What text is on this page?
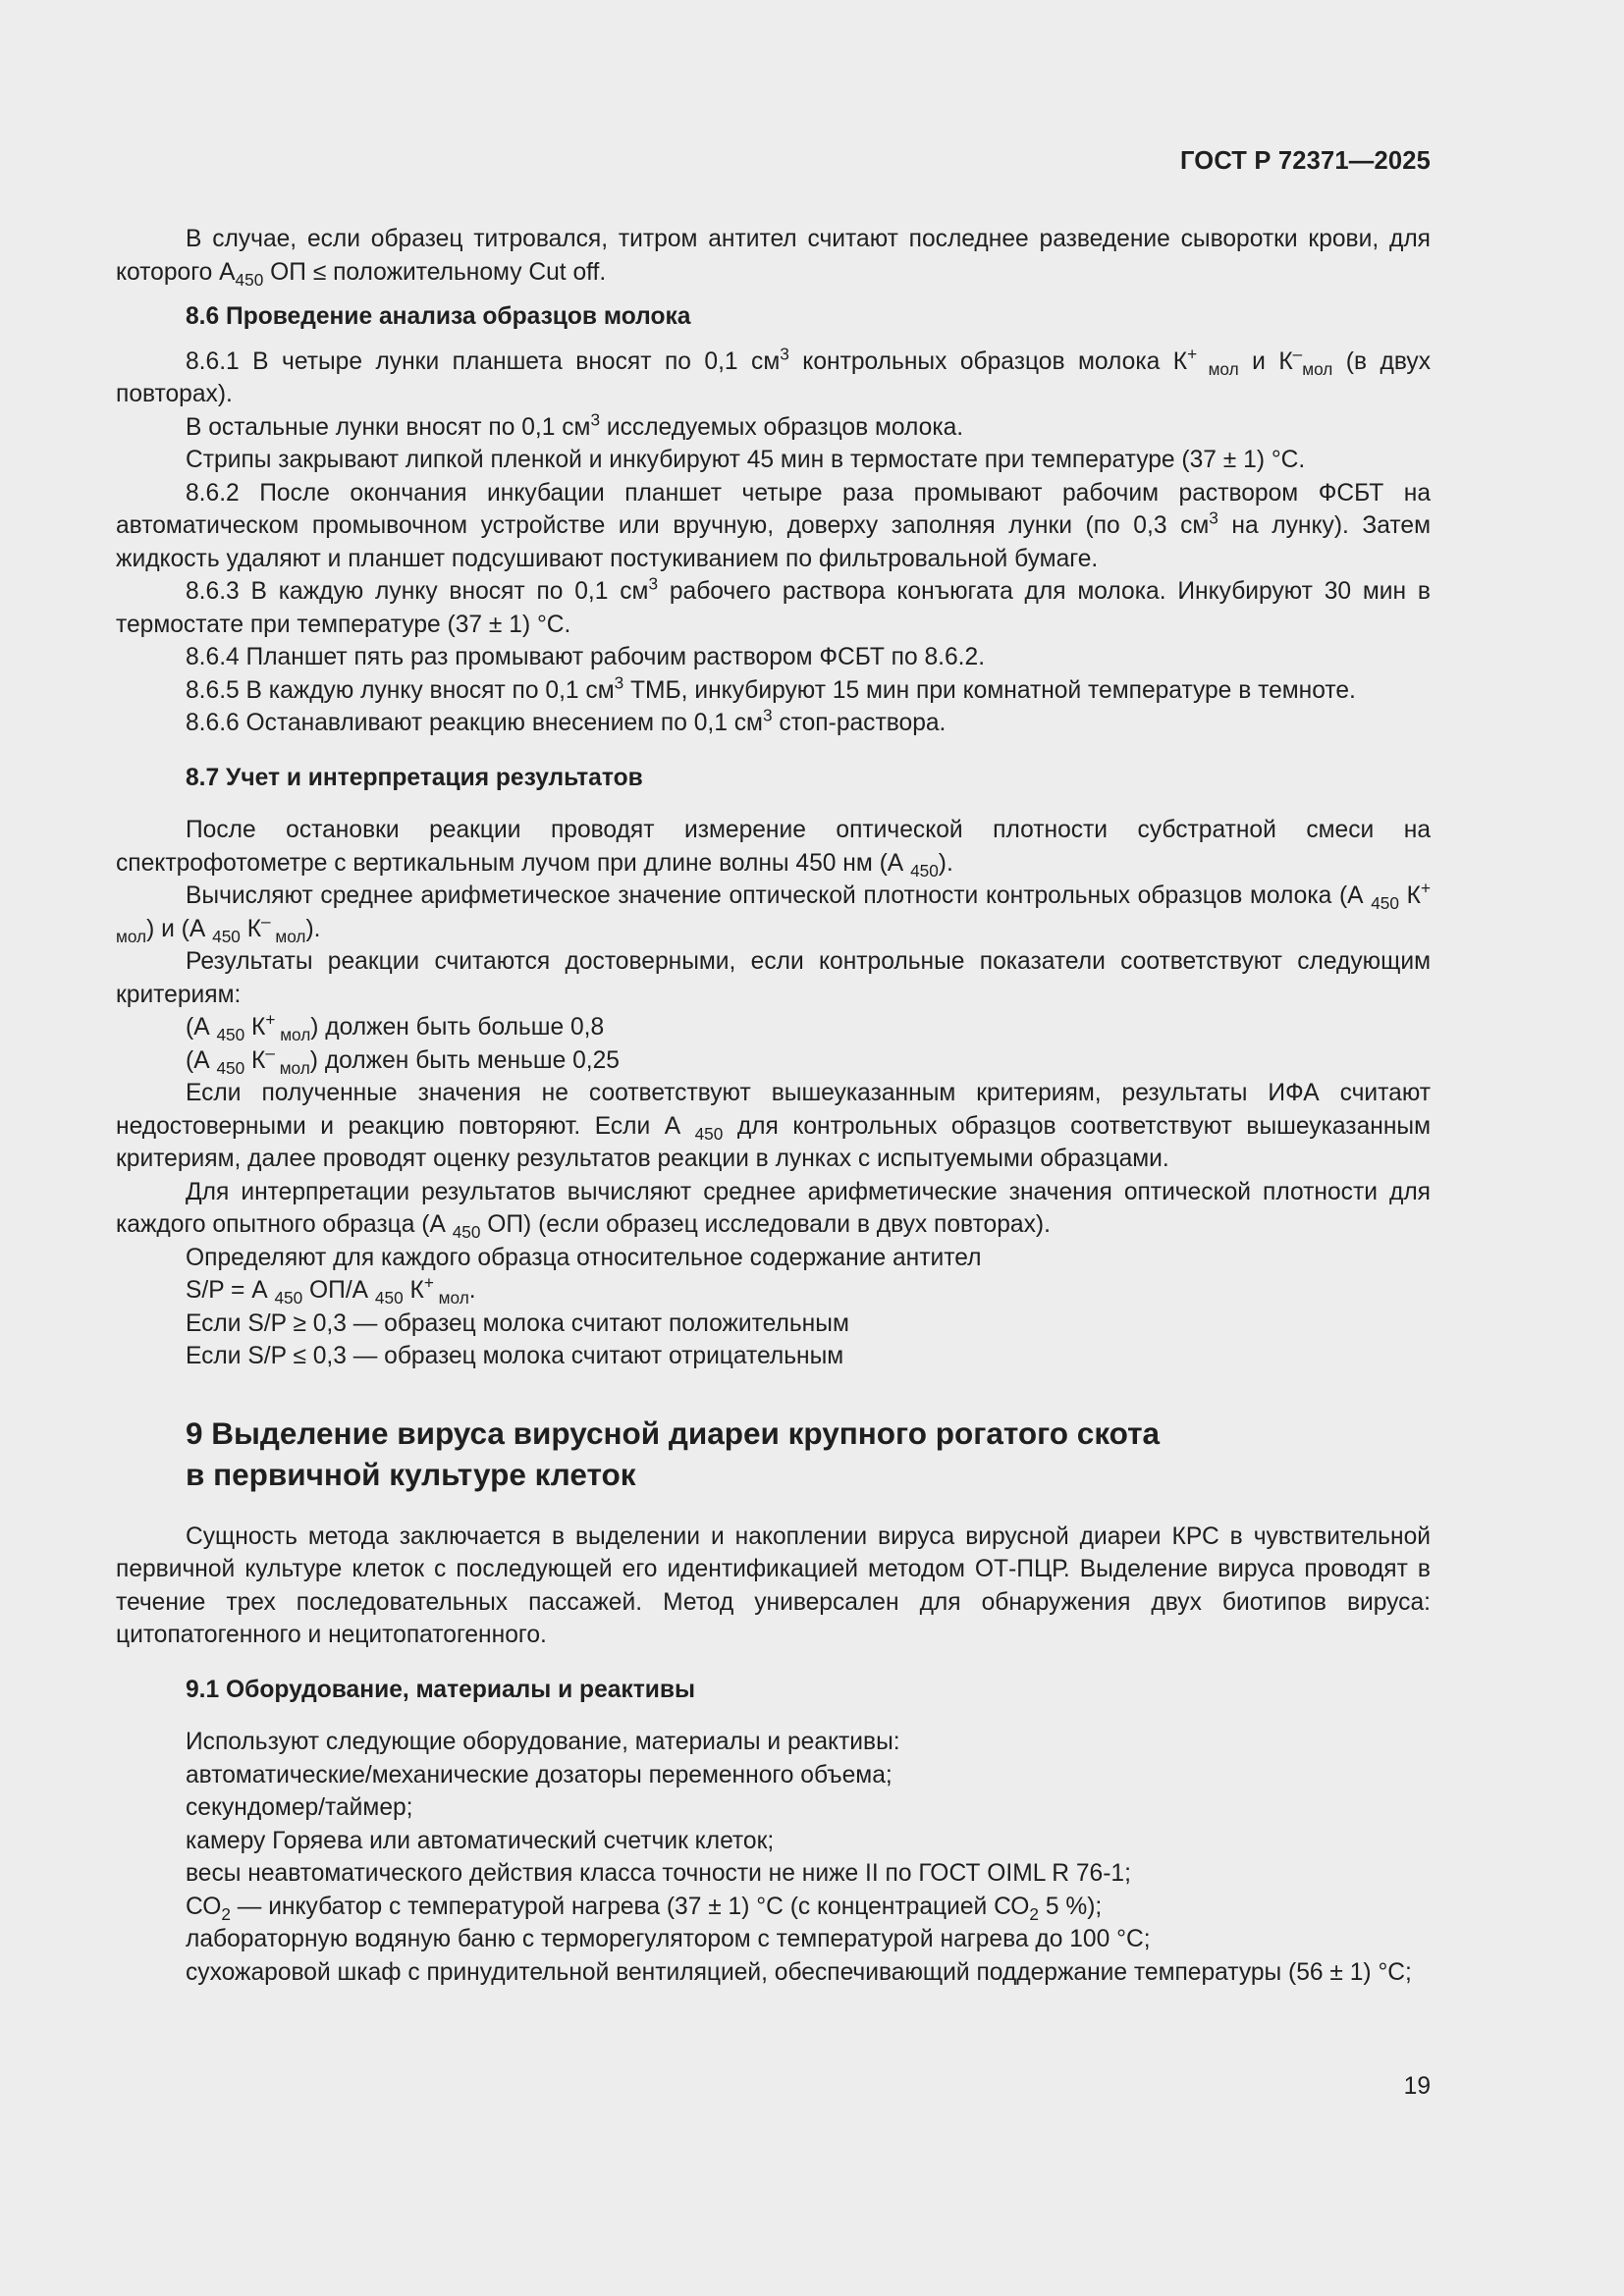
ГОСТ Р 72371—2025

В случае, если образец титровался, титром антител считают последнее разведение сыворотки крови, для которого $А_{450}$ ОП ≤ положительному Cut off.

8.6 Проведение анализа образцов молока

8.6.1 В четыре лунки планшета вносят по 0,1 $см^3$ контрольных образцов молока К+ $_{мол}$ и $К^-_{мол}$ (в двух повторах).

В остальные лунки вносят по 0,1 $см^3$ исследуемых образцов молока.

Стрипы закрывают липкой пленкой и инкубируют 45 мин в термостате при температуре (37 ± 1) °С.

8.6.2 После окончания инкубации планшет четыре раза промывают рабочим раствором ФСБТ на автоматическом промывочном устройстве или вручную, доверху заполняя лунки (по 0,3 $см^3$ на лунку). Затем жидкость удаляют и планшет подсушивают постукиванием по фильтровальной бумаге.

8.6.3 В каждую лунку вносят по 0,1 $см^3$ рабочего раствора конъюгата для молока. Инкубируют 30 мин в термостате при температуре (37 ± 1) °С.

8.6.4 Планшет пять раз промывают рабочим раствором ФСБТ по 8.6.2.

8.6.5 В каждую лунку вносят по 0,1 $см^3$ ТМБ, инкубируют 15 мин при комнатной температуре в темноте.

8.6.6 Останавливают реакцию внесением по 0,1 $см^3$ стоп-раствора.

8.7 Учет и интерпретация результатов

После остановки реакции проводят измерение оптической плотности субстратной смеси на спектрофотометре с вертикальным лучом при длине волны 450 нм (А $_{450}$).

Вычисляют среднее арифметическое значение оптической плотности контрольных образцов молока (А $_{450}$ К+ $_{мол}$) и (А $_{450}$ К– $_{мол}$).

Результаты реакции считаются достоверными, если контрольные показатели соответствуют следующим критериям:

(А $_{450}$ К+ $_{мол}$) должен быть больше 0,8

(А $_{450}$ К– $_{мол}$) должен быть меньше 0,25

Если полученные значения не соответствуют вышеуказанным критериям, результаты ИФА считают недостоверными и реакцию повторяют. Если А $_{450}$ для контрольных образцов соответствуют вышеуказанным критериям, далее проводят оценку результатов реакции в лунках с испытуемыми образцами.

Для интерпретации результатов вычисляют среднее арифметические значения оптической плотности для каждого опытного образца (А $_{450}$ ОП) (если образец исследовали в двух повторах).

Определяют для каждого образца относительное содержание антител

S/P = А $_{450}$ ОП/А $_{450}$ К+ $_{мол}$.

Если S/P ≥ 0,3 — образец молока считают положительным

Если S/P ≤ 0,3 — образец молока считают отрицательным

9 Выделение вируса вирусной диареи крупного рогатого скота
в первичной культуре клеток

Сущность метода заключается в выделении и накоплении вируса вирусной диареи КРС в чувствительной первичной культуре клеток с последующей его идентификацией методом ОТ-ПЦР. Выделение вируса проводят в течение трех последовательных пассажей. Метод универсален для обнаружения двух биотипов вируса: цитопатогенного и нецитопатогенного.

9.1 Оборудование, материалы и реактивы

Используют следующие оборудование, материалы и реактивы:

автоматические/механические дозаторы переменного объема;

секундомер/таймер;

камеру Горяева или автоматический счетчик клеток;

весы неавтоматического действия класса точности не ниже II по ГОСТ OIML R 76-1;

$СО_2$ — инкубатор с температурой нагрева (37 ± 1) °С (с концентрацией $СО_2$ 5 %);

лабораторную водяную баню с терморегулятором с температурой нагрева до 100 °С;

сухожаровой шкаф с принудительной вентиляцией, обеспечивающий поддержание температуры (56 ± 1) °С;

19
